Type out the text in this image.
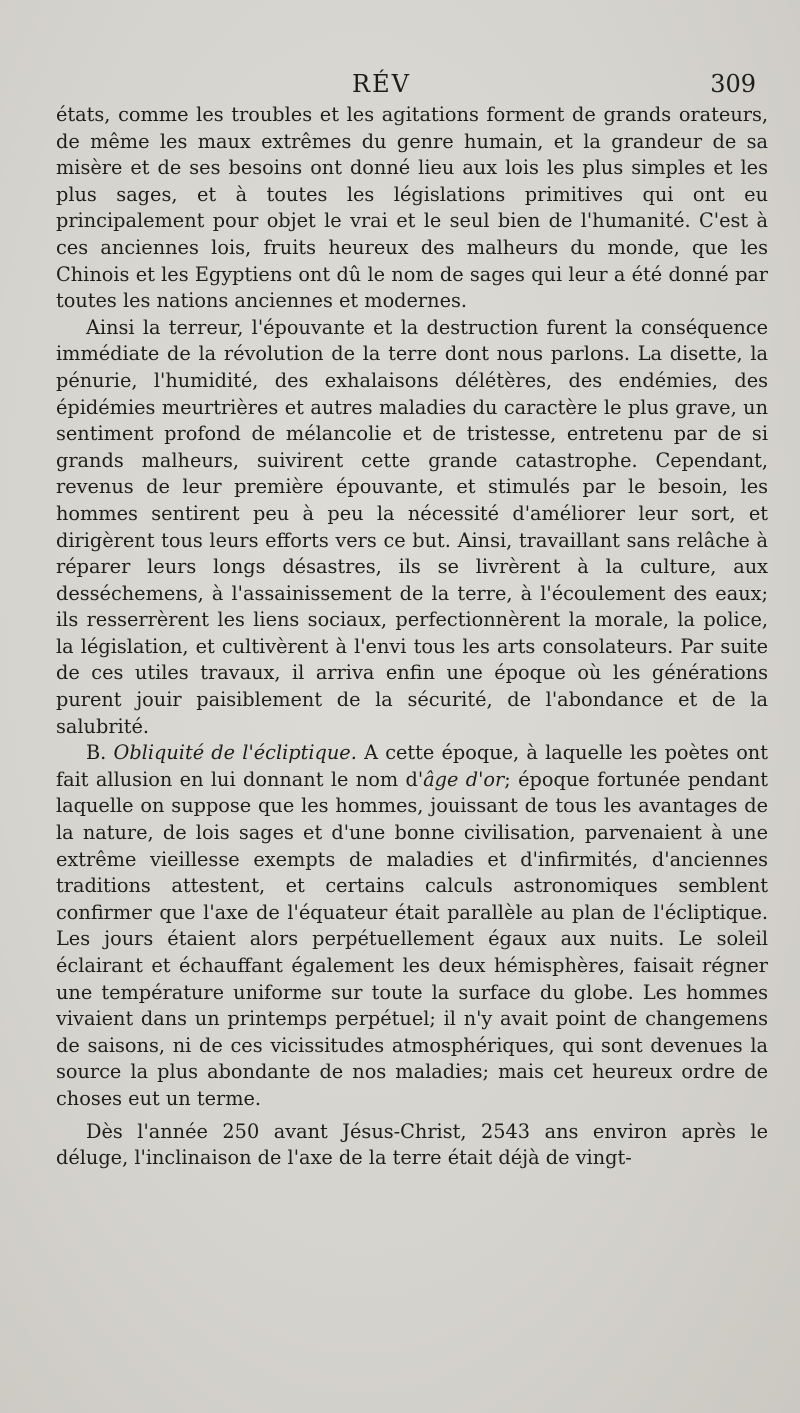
RÉV	309

états, comme les troubles et les agitations forment de grands orateurs, de même les maux extrêmes du genre humain, et la grandeur de sa misère et de ses besoins ont donné lieu aux lois les plus simples et les plus sages, et à toutes les législations primitives qui ont eu principalement pour objet le vrai et le seul bien de l'humanité. C'est à ces anciennes lois, fruits heureux des malheurs du monde, que les Chinois et les Egyptiens ont dû le nom de sages qui leur a été donné par toutes les nations anciennes et modernes.

Ainsi la terreur, l'épouvante et la destruction furent la conséquence immédiate de la révolution de la terre dont nous parlons. La disette, la pénurie, l'humidité, des exhalaisons délétères, des endémies, des épidémies meurtrières et autres maladies du caractère le plus grave, un sentiment profond de mélancolie et de tristesse, entretenu par de si grands malheurs, suivirent cette grande catastrophe. Cependant, revenus de leur première épouvante, et stimulés par le besoin, les hommes sentirent peu à peu la nécessité d'améliorer leur sort, et dirigèrent tous leurs efforts vers ce but. Ainsi, travaillant sans relâche à réparer leurs longs désastres, ils se livrèrent à la culture, aux desséchemens, à l'assainissement de la terre, à l'écoulement des eaux; ils resserrèrent les liens sociaux, perfectionnèrent la morale, la police, la législation, et cultivèrent à l'envi tous les arts consolateurs. Par suite de ces utiles travaux, il arriva enfin une époque où les générations purent jouir paisiblement de la sécurité, de l'abondance et de la salubrité.

B. Obliquité de l'écliptique. A cette époque, à laquelle les poètes ont fait allusion en lui donnant le nom d'âge d'or; époque fortunée pendant laquelle on suppose que les hommes, jouissant de tous les avantages de la nature, de lois sages et d'une bonne civilisation, parvenaient à une extrême vieillesse exempts de maladies et d'infirmités, d'anciennes traditions attestent, et certains calculs astronomiques semblent confirmer que l'axe de l'équateur était parallèle au plan de l'écliptique. Les jours étaient alors perpétuellement égaux aux nuits. Le soleil éclairant et échauffant également les deux hémisphères, faisait régner une température uniforme sur toute la surface du globe. Les hommes vivaient dans un printemps perpétuel; il n'y avait point de changemens de saisons, ni de ces vicissitudes atmosphériques, qui sont devenues la source la plus abondante de nos maladies; mais cet heureux ordre de choses eut un terme.

Dès l'année 250 avant Jésus-Christ, 2543 ans environ après le déluge, l'inclinaison de l'axe de la terre était déjà de vingt-
